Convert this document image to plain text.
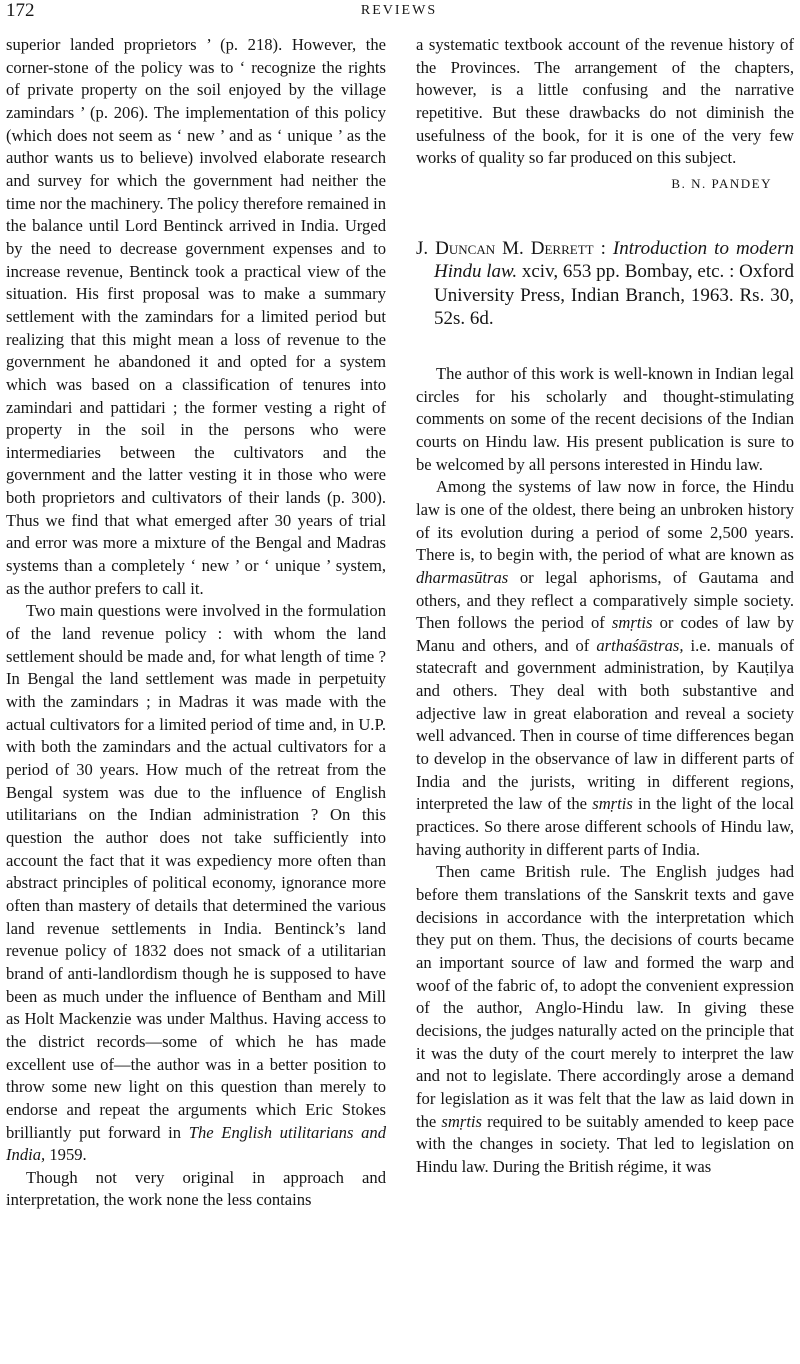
172	REVIEWS

superior landed proprietors ’ (p. 218). However, the corner-stone of the policy was to ‘ recognize the rights of private property on the soil enjoyed by the village zamindars ’ (p. 206). The implementation of this policy (which does not seem as ‘ new ’ and as ‘ unique ’ as the author wants us to believe) involved elaborate research and survey for which the government had neither the time nor the machinery. The policy therefore remained in the balance until Lord Bentinck arrived in India. Urged by the need to decrease government expenses and to increase revenue, Bentinck took a practical view of the situation. His first proposal was to make a summary settlement with the zamindars for a limited period but realizing that this might mean a loss of revenue to the government he abandoned it and opted for a system which was based on a classification of tenures into zamindari and pattidari ; the former vesting a right of property in the soil in the persons who were intermediaries between the cultivators and the government and the latter vesting it in those who were both proprietors and cultivators of their lands (p. 300). Thus we find that what emerged after 30 years of trial and error was more a mixture of the Bengal and Madras systems than a completely ‘ new ’ or ‘ unique ’ system, as the author prefers to call it.

Two main questions were involved in the formulation of the land revenue policy : with whom the land settlement should be made and, for what length of time ? In Bengal the land settlement was made in perpetuity with the zamindars ; in Madras it was made with the actual cultivators for a limited period of time and, in U.P. with both the zamindars and the actual cultivators for a period of 30 years. How much of the retreat from the Bengal system was due to the influence of English utilitarians on the Indian administration ? On this question the author does not take sufficiently into account the fact that it was expediency more often than abstract principles of political economy, ignorance more often than mastery of details that determined the various land revenue settlements in India. Bentinck’s land revenue policy of 1832 does not smack of a utilitarian brand of anti-landlordism though he is supposed to have been as much under the influence of Bentham and Mill as Holt Mackenzie was under Malthus. Having access to the district records—some of which he has made excellent use of—the author was in a better position to throw some new light on this question than merely to endorse and repeat the arguments which Eric Stokes brilliantly put forward in The English utilitarians and India, 1959.

Though not very original in approach and interpretation, the work none the less contains

a systematic textbook account of the revenue history of the Provinces. The arrangement of the chapters, however, is a little confusing and the narrative repetitive. But these drawbacks do not diminish the usefulness of the book, for it is one of the very few works of quality so far produced on this subject.

B. N. PANDEY
J. Duncan M. Derrett : Introduction to modern Hindu law. xciv, 653 pp. Bombay, etc. : Oxford University Press, Indian Branch, 1963. Rs. 30, 52s. 6d.

The author of this work is well-known in Indian legal circles for his scholarly and thought-stimulating comments on some of the recent decisions of the Indian courts on Hindu law. His present publication is sure to be welcomed by all persons interested in Hindu law.

Among the systems of law now in force, the Hindu law is one of the oldest, there being an unbroken history of its evolution during a period of some 2,500 years. There is, to begin with, the period of what are known as dharmasūtras or legal aphorisms, of Gautama and others, and they reflect a comparatively simple society. Then follows the period of smṛtis or codes of law by Manu and others, and of arthaśāstras, i.e. manuals of statecraft and government administration, by Kauṭilya and others. They deal with both substantive and adjective law in great elaboration and reveal a society well advanced. Then in course of time differences began to develop in the observance of law in different parts of India and the jurists, writing in different regions, interpreted the law of the smṛtis in the light of the local practices. So there arose different schools of Hindu law, having authority in different parts of India.

Then came British rule. The English judges had before them translations of the Sanskrit texts and gave decisions in accordance with the interpretation which they put on them. Thus, the decisions of courts became an important source of law and formed the warp and woof of the fabric of, to adopt the convenient expression of the author, Anglo-Hindu law. In giving these decisions, the judges naturally acted on the principle that it was the duty of the court merely to interpret the law and not to legislate. There accordingly arose a demand for legislation as it was felt that the law as laid down in the smṛtis required to be suitably amended to keep pace with the changes in society. That led to legislation on Hindu law. During the British régime, it was
